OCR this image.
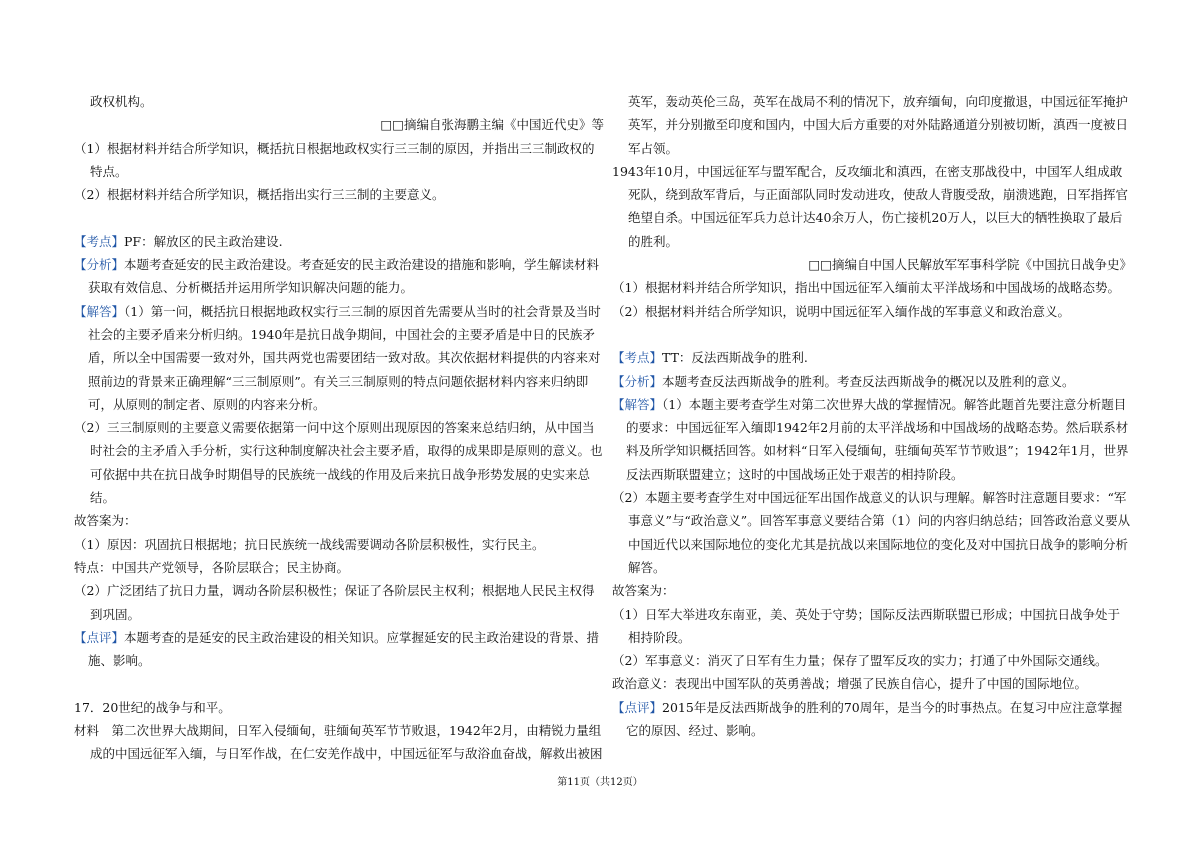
政权机构。

□□摘编自张海鹏主编《中国近代史》等

（1）根据材料并结合所学知识，概括抗日根据地政权实行三三制的原因，并指出三三制政权的特点。

（2）根据材料并结合所学知识，概括指出实行三三制的主要意义。

【考点】PF：解放区的民主政治建设.

【分析】本题考查延安的民主政治建设。考查延安的民主政治建设的措施和影响，学生解读材料获取有效信息、分析概括并运用所学知识解决问题的能力。

【解答】（1）第一问，概括抗日根据地政权实行三三制的原因首先需要从当时的社会背景及当时社会的主要矛盾来分析归纳。1940年是抗日战争期间，中国社会的主要矛盾是中日的民族矛盾，所以全中国需要一致对外，国共两党也需要团结一致对敌。其次依据材料提供的内容来对照前边的背景来正确理解“三三制原则”。有关三三制原则的特点问题依据材料内容来归纳即可，从原则的制定者、原则的内容来分析。

（2）三三制原则的主要意义需要依据第一问中这个原则出现原因的答案来总结归纳，从中国当时社会的主矛盾入手分析，实行这种制度解决社会主要矛盾，取得的成果即是原则的意义。也可依据中共在抗日战争时期倡导的民族统一战线的作用及后来抗日战争形势发展的史实来总结。

故答案为：

（1）原因：巩固抗日根据地；抗日民族统一战线需要调动各阶层积极性，实行民主。

特点：中国共产党领导，各阶层联合；民主协商。

（2）广泛团结了抗日力量，调动各阶层积极性；保证了各阶层民主权利；根据地人民民主权得到巩固。

【点评】本题考查的是延安的民主政治建设的相关知识。应掌握延安的民主政治建设的背景、措施、影响。

17．20世纪的战争与和平。

材料　第二次世界大战期间，日军入侵缅甸，驻缅甸英军节节败退，1942年2月，由精锐力量组成的中国远征军入缅，与日军作战，在仁安羌作战中，中国远征军与敌浴血奋战，解救出被困

英军，轰动英伦三岛，英军在战局不利的情况下，放弃缅甸，向印度撤退，中国远征军掩护英军，并分别撤至印度和国内，中国大后方重要的对外陆路通道分别被切断，滇西一度被日军占领。

1943年10月，中国远征军与盟军配合，反攻缅北和滇西，在密支那战役中，中国军人组成敢死队，绕到敌军背后，与正面部队同时发动进攻，使敌人背腹受敌，崩溃逃跑，日军指挥官绝望自杀。中国远征军兵力总计达40余万人，伤亡接机20万人，以巨大的牺牲换取了最后的胜利。

□□摘编自中国人民解放军军事科学院《中国抗日战争史》

（1）根据材料并结合所学知识，指出中国远征军入缅前太平洋战场和中国战场的战略态势。

（2）根据材料并结合所学知识，说明中国远征军入缅作战的军事意义和政治意义。

【考点】TT：反法西斯战争的胜利.

【分析】本题考查反法西斯战争的胜利。考查反法西斯战争的概况以及胜利的意义。

【解答】（1）本题主要考查学生对第二次世界大战的掌握情况。解答此题首先要注意分析题目的要求：中国远征军入缅即1942年2月前的太平洋战场和中国战场的战略态势。然后联系材料及所学知识概括回答。如材料“日军入侵缅甸，驻缅甸英军节节败退”；1942年1月，世界反法西斯联盟建立；这时的中国战场正处于艰苦的相持阶段。

（2）本题主要考查学生对中国远征军出国作战意义的认识与理解。解答时注意题目要求：“军事意义”与“政治意义”。回答军事意义要结合第（1）问的内容归纳总结；回答政治意义要从中国近代以来国际地位的变化尤其是抗战以来国际地位的变化及对中国抗日战争的影响分析解答。

故答案为：

（1）日军大举进攻东南亚，美、英处于守势；国际反法西斯联盟已形成；中国抗日战争处于相持阶段。

（2）军事意义：消灭了日军有生力量；保存了盟军反攻的实力；打通了中外国际交通线。

政治意义：表现出中国军队的英勇善战；增强了民族自信心，提升了中国的国际地位。

【点评】2015年是反法西斯战争的胜利的70周年，是当今的时事热点。在复习中应注意掌握它的原因、经过、影响。

第11页（共12页）
